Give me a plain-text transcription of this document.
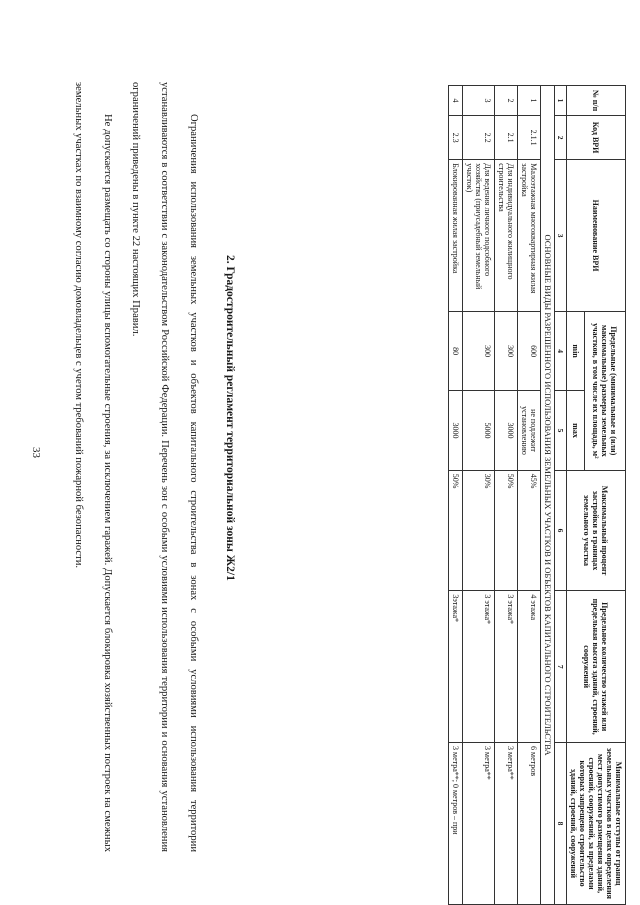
33	Не допускается размещать со стороны улицы вспомогательные строения, за исключением гаражей. Допускается блокировка хозяйственных построек на смежных земельных участках по взаимному согласию домовладельцев с учетом требований пожарной безопасности.	Ограничения использования земельных участков и объектов капитального строительства в зонах с особыми условиями использования территории устанавливаются в соответствии с законодательством Российской Федерации. Перечень зон с особыми условиями использования территории и основания установления ограничений приведены в пункте 22 настоящих Правил.

2. Градостроительный регламент территориальной зоны Ж2/1
№ п/п	Код ВРИ	Наименование ВРИ	Предельные (минимальные и (или) максимальные) размеры земельных участков, в том числе их площадь, м²		Максимальный процент застройки в границах земельного участка	Предельное количество этажей или предельная высота зданий, строений, сооружений	Минимальные отступы от границ земельных участков в целях определения мест допустимого размещения зданий, строений, сооружений, за пределами которых запрещено строительство зданий, строений, сооружений
			min	max			
1	2	3	4	5	6	7	8
ОСНОВНЫЕ ВИДЫ РАЗРЕШЕННОГО ИСПОЛЬЗОВАНИЯ ЗЕМЕЛЬНЫХ УЧАСТКОВ И ОБЪЕКТОВ КАПИТАЛЬНОГО СТРОИТЕЛЬСТВА							
1	2.1.1	Малоэтажная многоквартирная жилая застройка	600	не подлежит установлению	45%	4 этажа	6 метров
2	2.1	Для индивидуального жилищного строительства	300	3000	50%	3 этажа*	3 метра**
3	2.2	Для ведения личного подсобного хозяйства (приусадебный земельный участок)	300	5000	30%	3 этажа*	3 метра**
4	2.3	Блокированная жилая застройка	80	3000	50%	3этажа*	3 метра**; 0 метров – при
